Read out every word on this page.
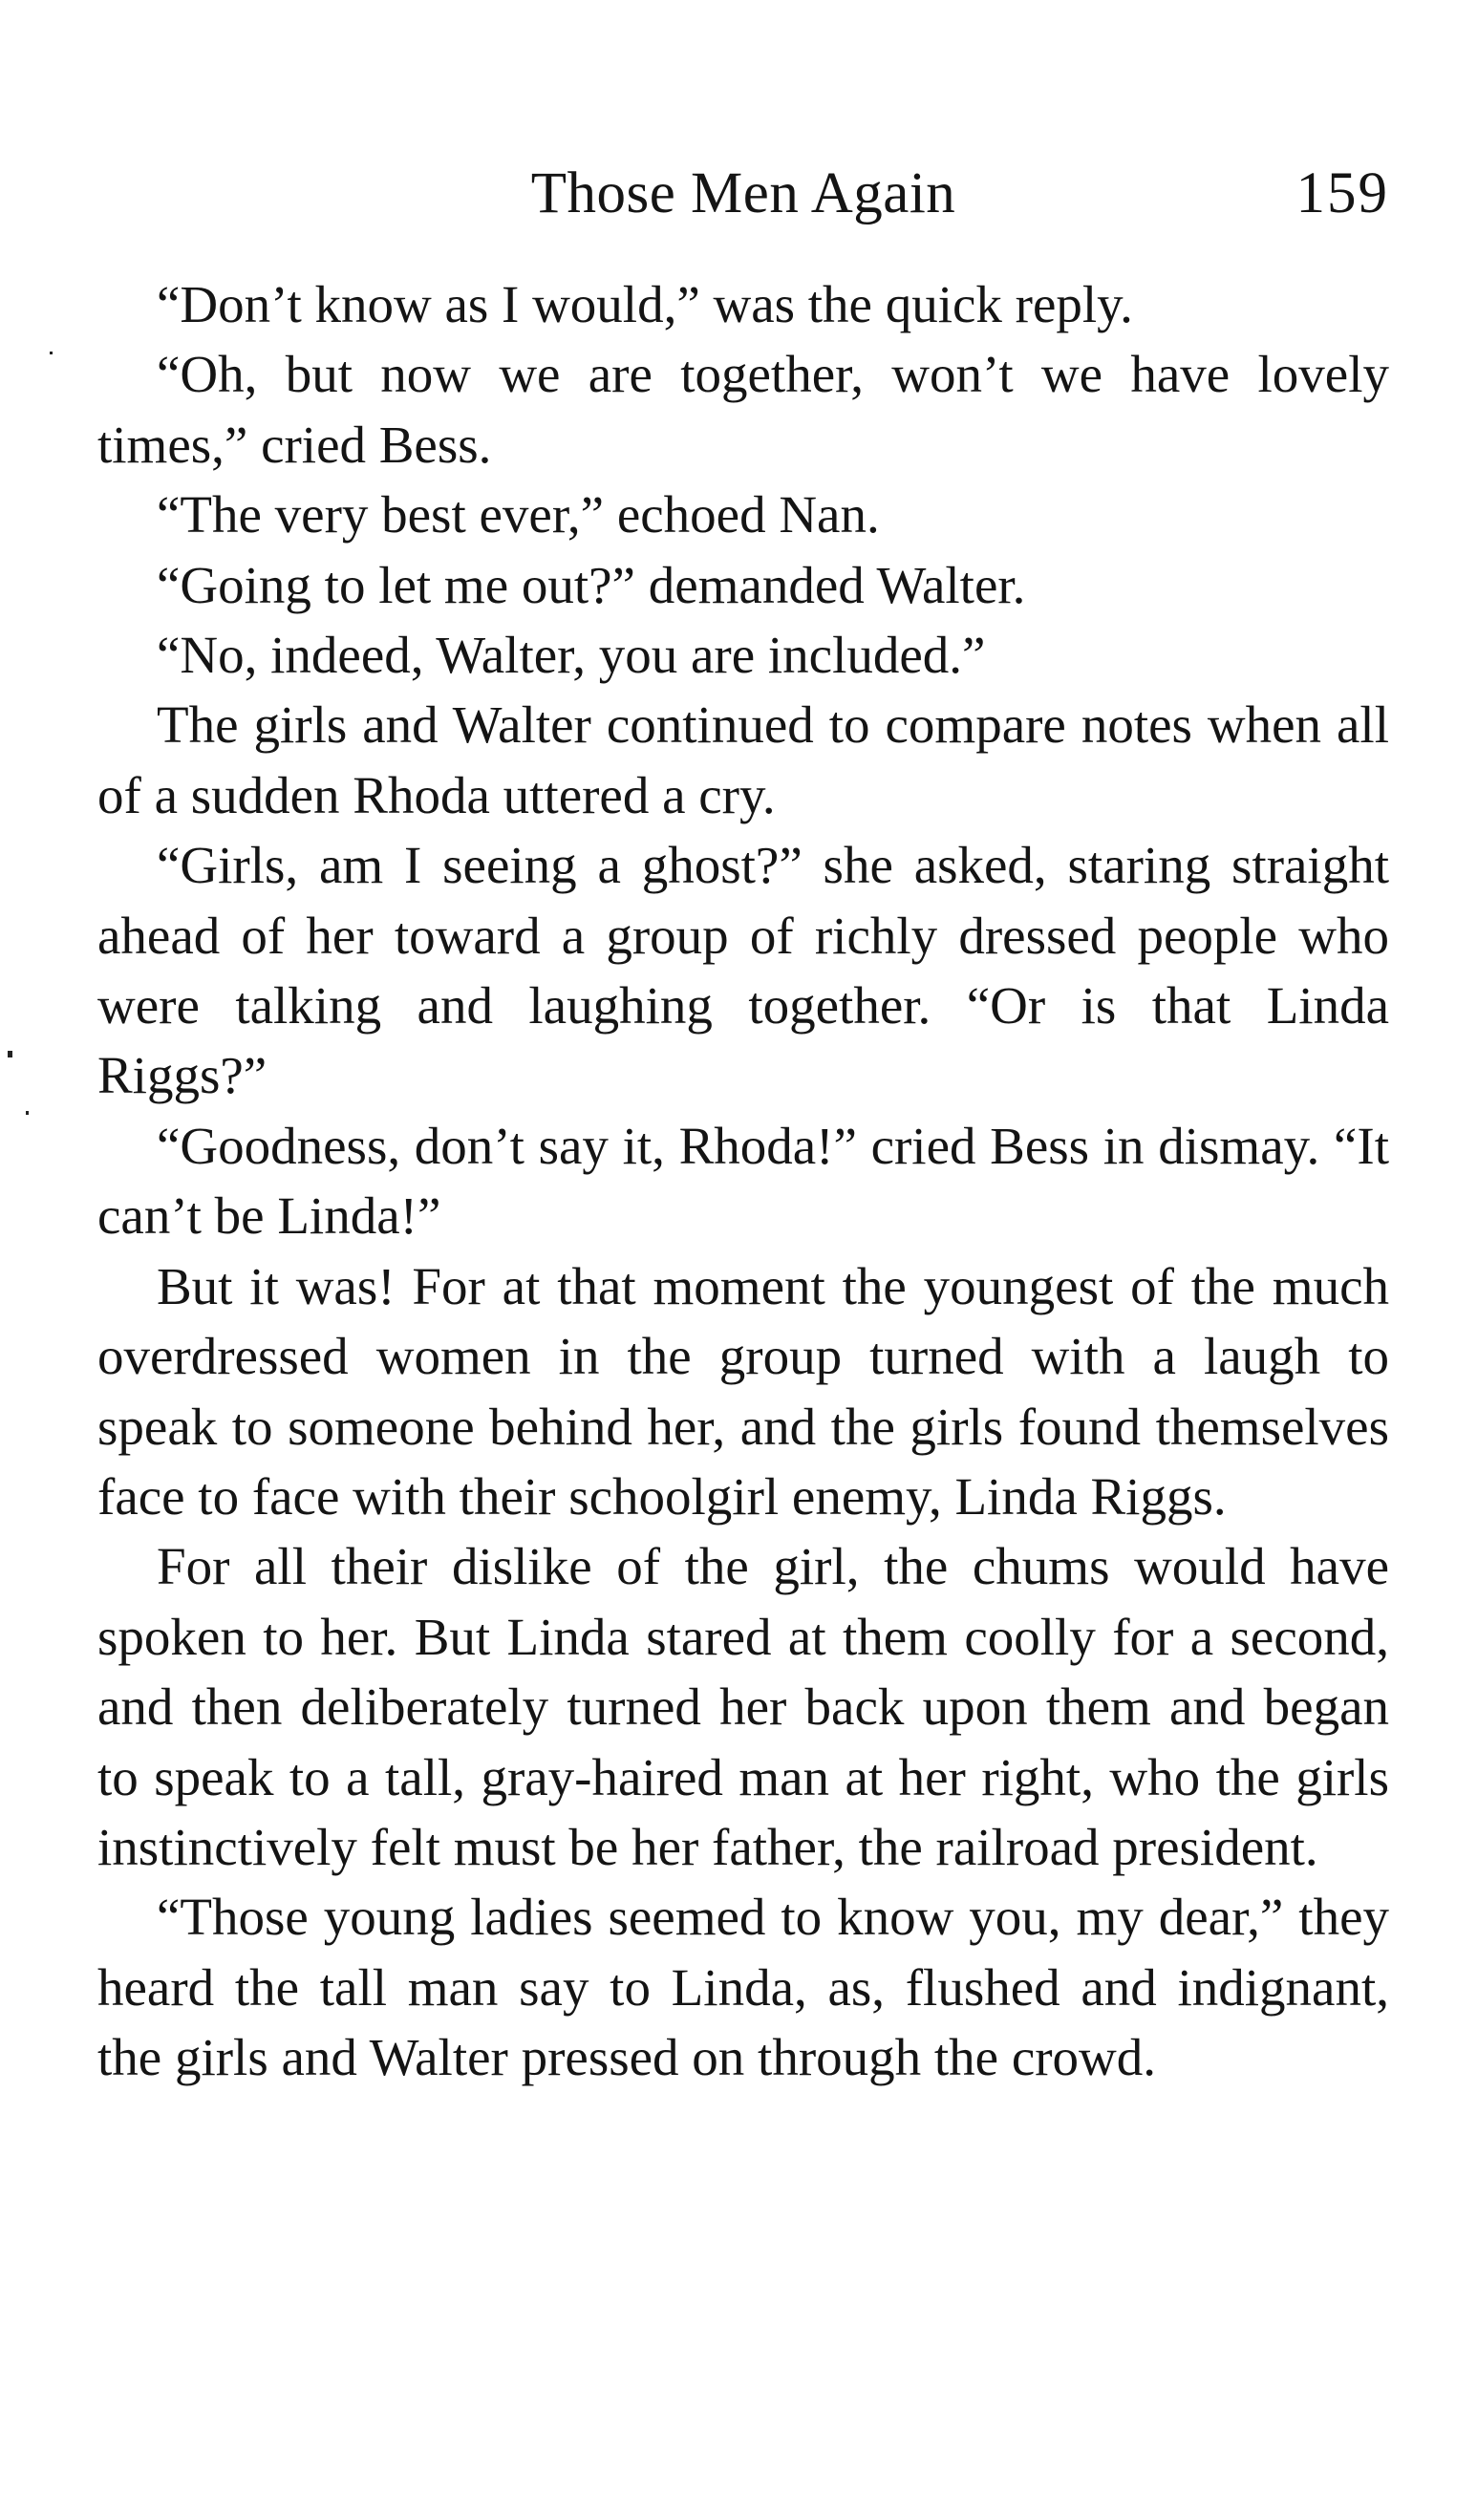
Those Men Again	159

“Don’t know as I would,” was the quick reply.

“Oh, but now we are together, won’t we have lovely times,” cried Bess.

“The very best ever,” echoed Nan.

“Going to let me out?” demanded Walter.

“No, indeed, Walter, you are included.”

The girls and Walter continued to compare notes when all of a sudden Rhoda uttered a cry.

“Girls, am I seeing a ghost?” she asked, staring straight ahead of her toward a group of richly dressed people who were talking and laughing together. “Or is that Linda Riggs?”

“Goodness, don’t say it, Rhoda!” cried Bess in dismay. “It can’t be Linda!”

But it was! For at that moment the youngest of the much overdressed women in the group turned with a laugh to speak to someone behind her, and the girls found themselves face to face with their schoolgirl enemy, Linda Riggs.

For all their dislike of the girl, the chums would have spoken to her. But Linda stared at them coolly for a second, and then deliberately turned her back upon them and began to speak to a tall, gray-haired man at her right, who the girls instinctively felt must be her father, the railroad president.

“Those young ladies seemed to know you, my dear,” they heard the tall man say to Linda, as, flushed and indignant, the girls and Walter pressed on through the crowd.
